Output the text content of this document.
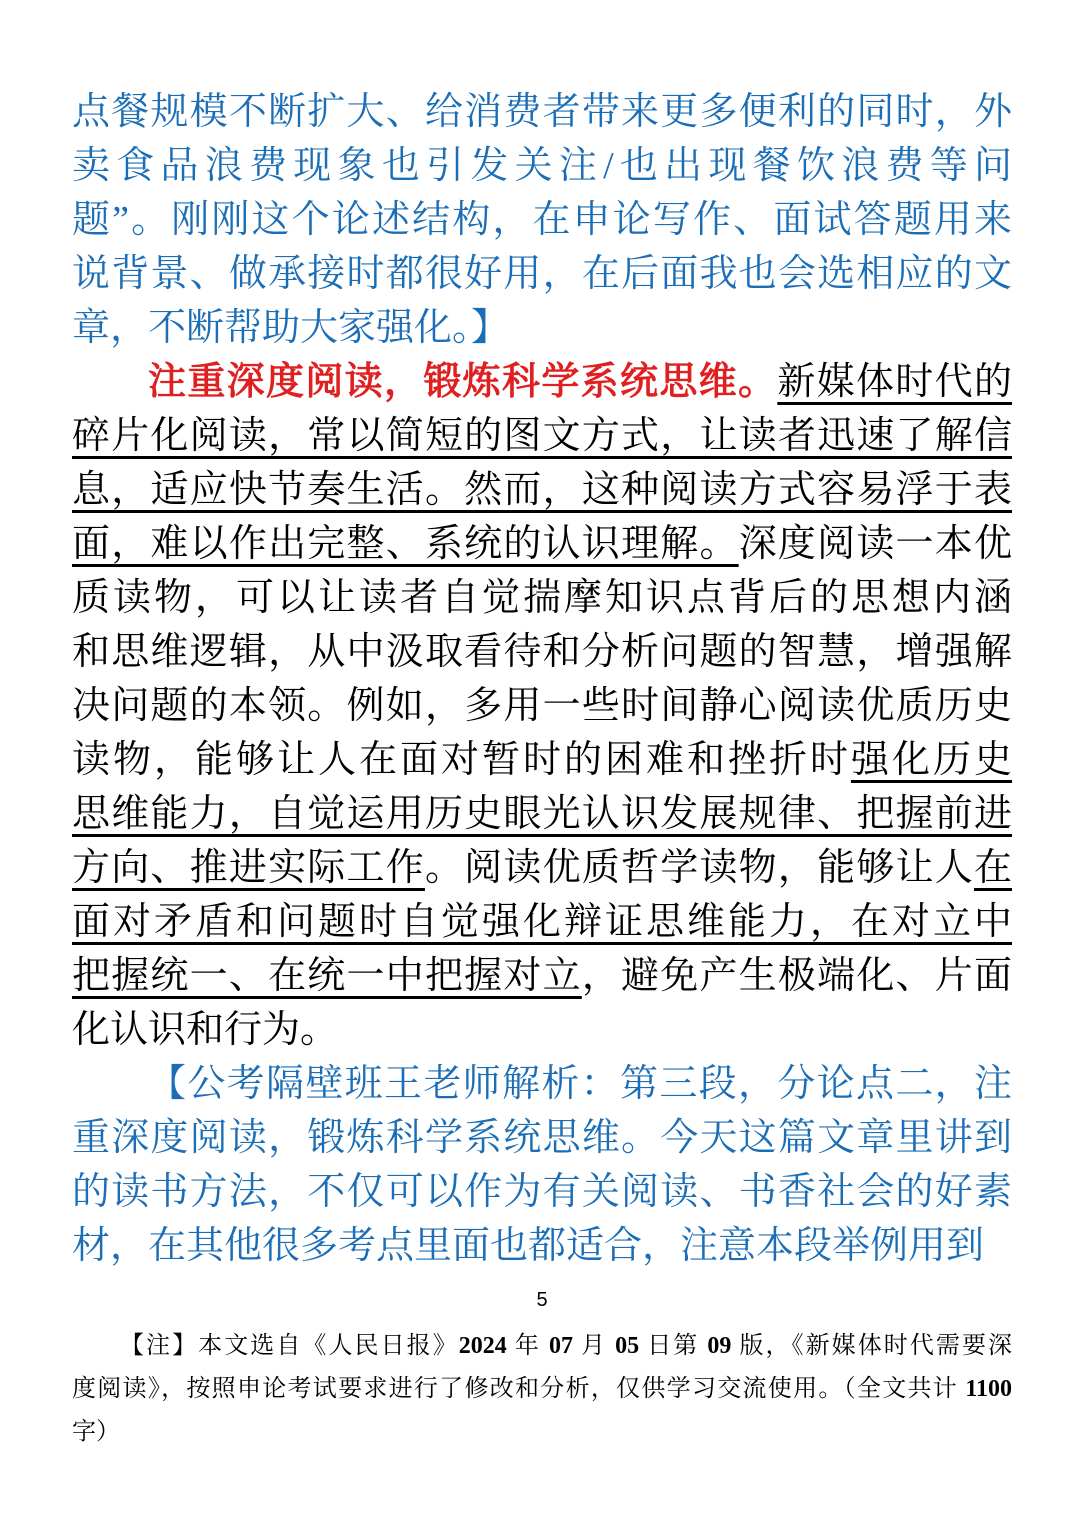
点餐规模不断扩大、给消费者带来更多便利的同时，外
卖食品浪费现象也引发关注/也出现餐饮浪费等问
题”。刚刚这个论述结构，在申论写作、面试答题用来
说背景、做承接时都很好用，在后面我也会选相应的文
章，不断帮助大家强化。】
注重深度阅读，锻炼科学系统思维。新媒体时代的
碎片化阅读，常以简短的图文方式，让读者迅速了解信
息，适应快节奏生活。然而，这种阅读方式容易浮于表
面，难以作出完整、系统的认识理解。深度阅读一本优
质读物，可以让读者自觉揣摩知识点背后的思想内涵
和思维逻辑，从中汲取看待和分析问题的智慧，增强解
决问题的本领。例如，多用一些时间静心阅读优质历史
读物，能够让人在面对暂时的困难和挫折时强化历史
思维能力，自觉运用历史眼光认识发展规律、把握前进
方向、推进实际工作。阅读优质哲学读物，能够让人在
面对矛盾和问题时自觉强化辩证思维能力，在对立中
把握统一、在统一中把握对立，避免产生极端化、片面
化认识和行为。
【公考隔壁班王老师解析：第三段，分论点二，注
重深度阅读，锻炼科学系统思维。今天这篇文章里讲到
的读书方法，不仅可以作为有关阅读、书香社会的好素
材，在其他很多考点里面也都适合，注意本段举例用到
5
【注】本文选自《人民日报》2024 年 07 月 05 日第 09 版，《新媒体时代需要深
度阅读》，按照申论考试要求进行了修改和分析，仅供学习交流使用。（全文共计 1100
字）
